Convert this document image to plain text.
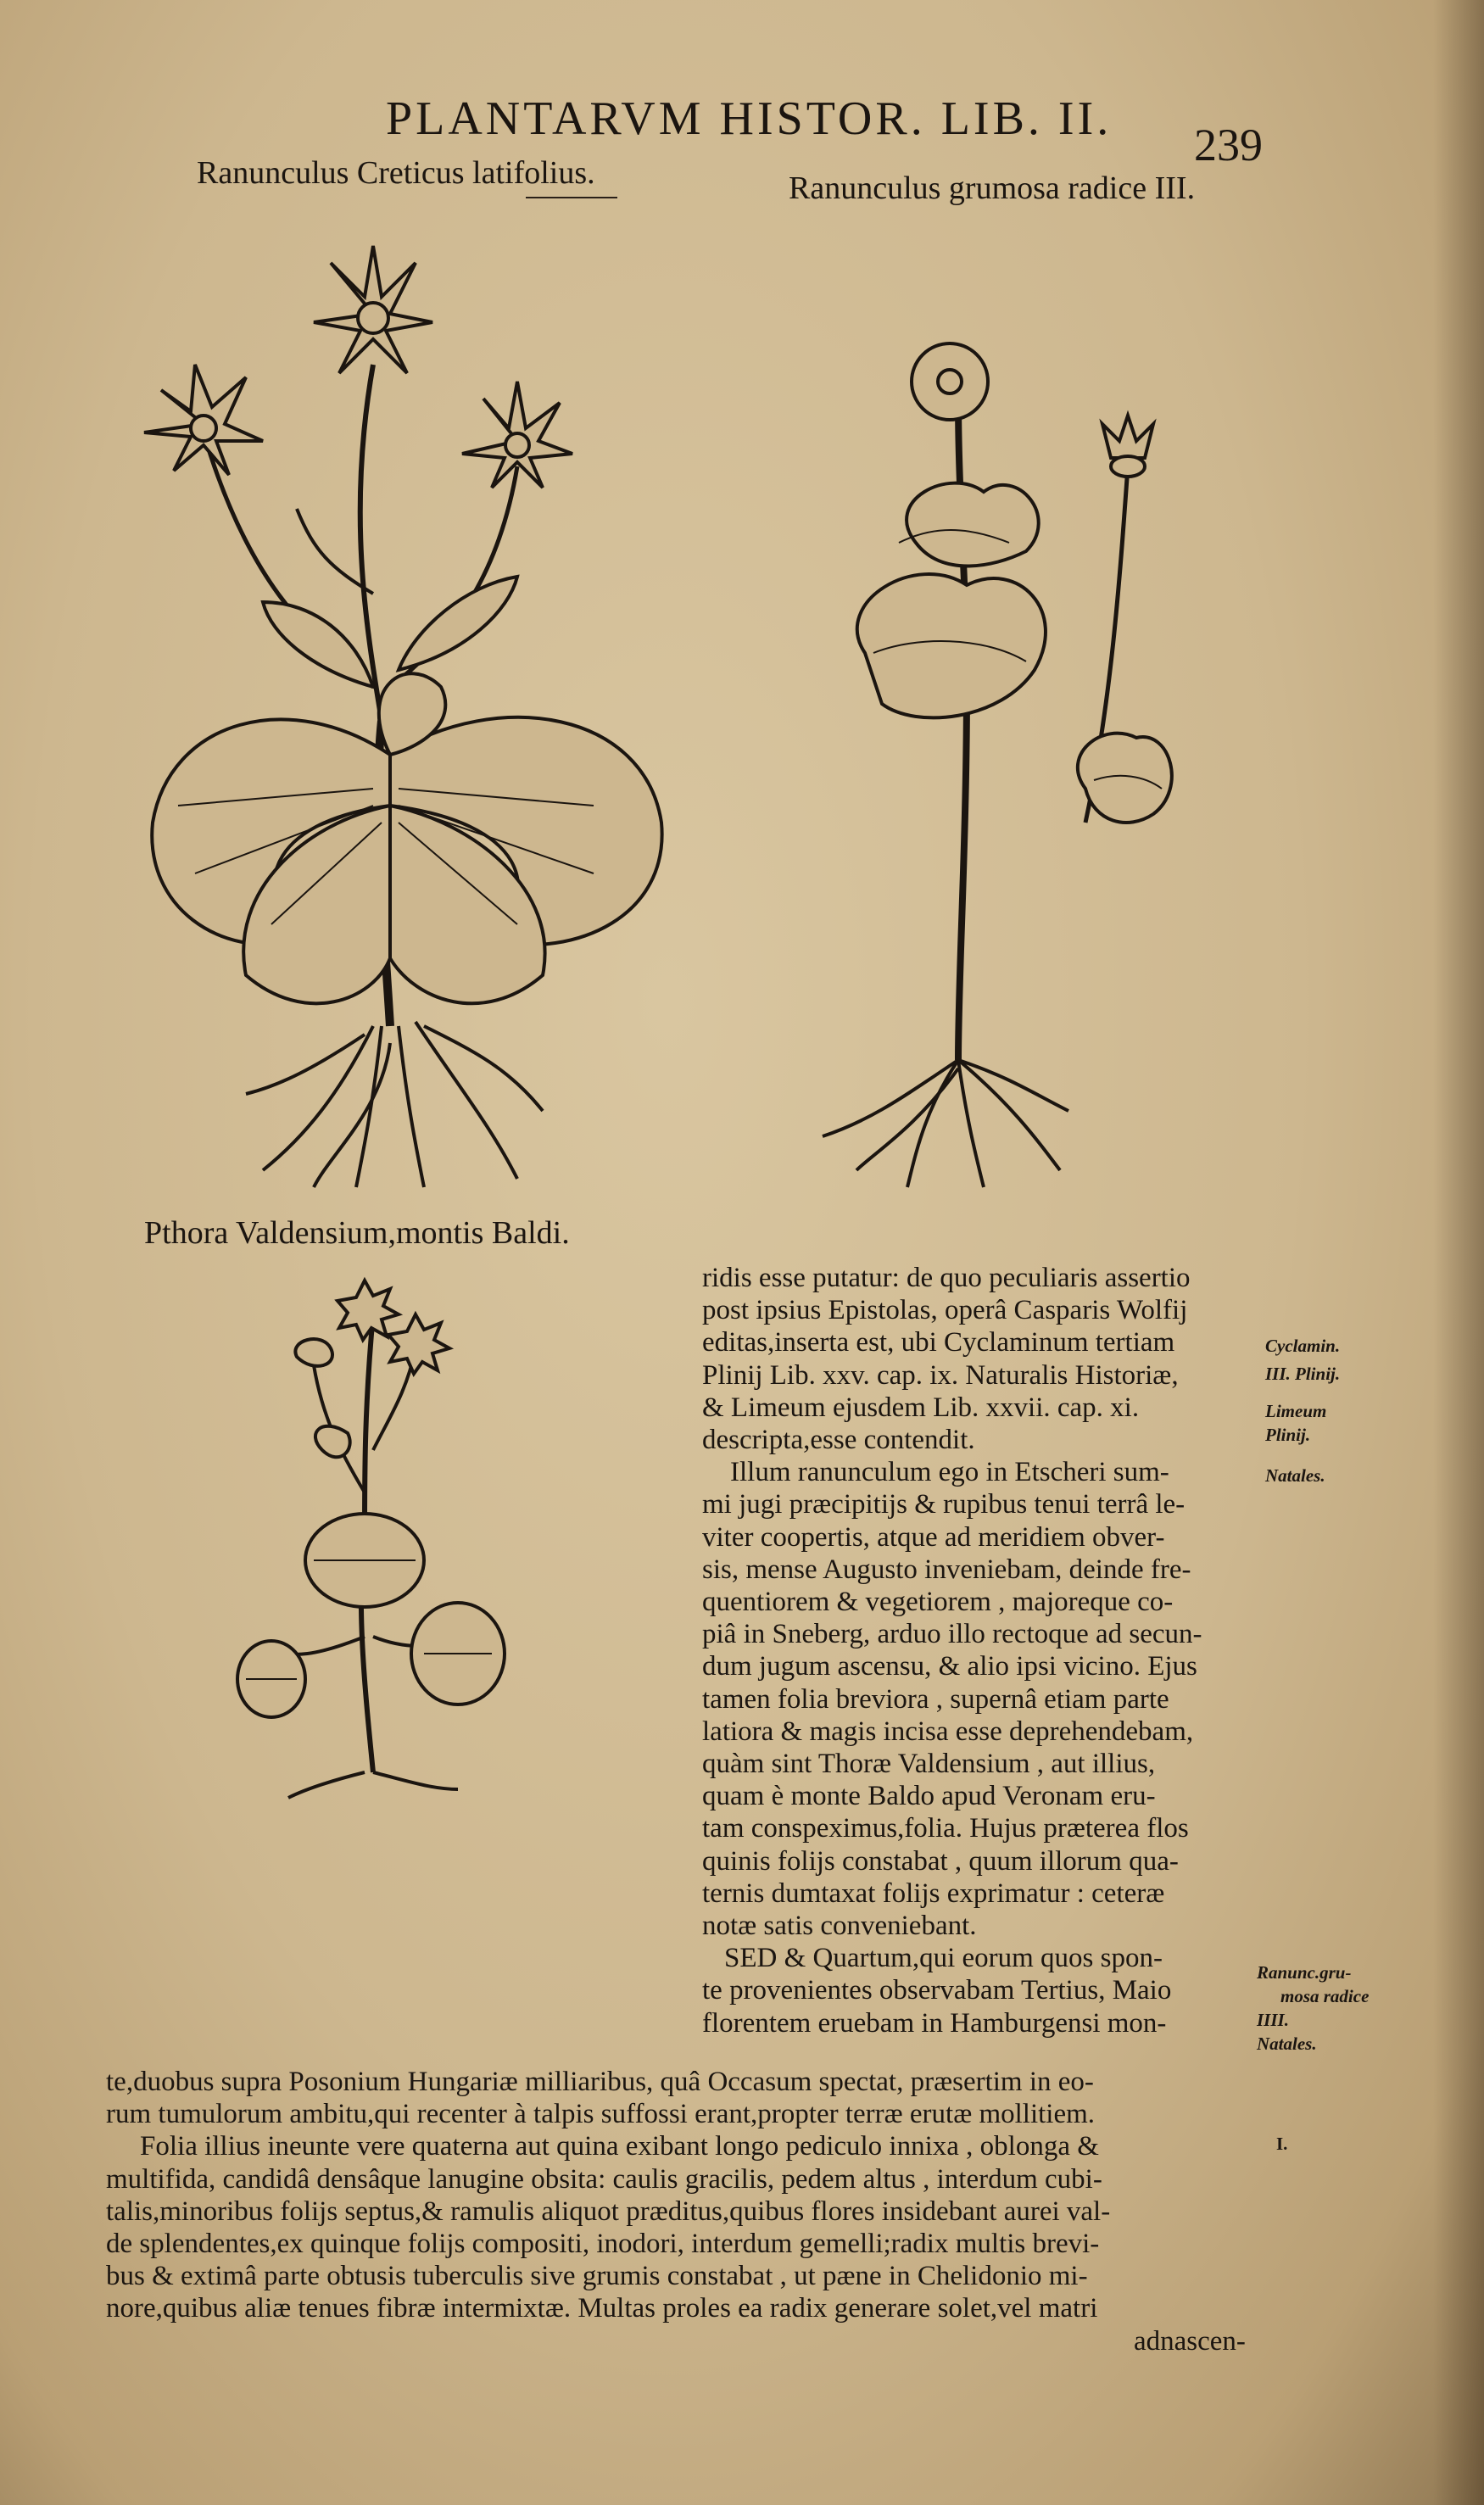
PLANTARVM HISTOR. LIB. II. 239
Ranunculus Creticus latifolius.	Ranunculus grumosa radice III.
Pthora Valdensium,montis Baldi.
ridis esse putatur: de quo peculiaris assertio
post ipsius Epistolas, operâ Casparis Wolfij
editas,inserta est, ubi Cyclaminum tertiam
Plinij Lib. xxv. cap. ix. Naturalis Historiæ,
& Limeum ejusdem Lib. xxvii. cap. xi.
descripta,esse contendit.
Illum ranunculum ego in Etscheri sum-
mi jugi præcipitijs & rupibus tenui terrâ le-
viter coopertis, atque ad meridiem obver-
sis, mense Augusto inveniebam, deinde fre-
quentiorem & vegetiorem , majoreque co-
piâ in Sneberg, arduo illo rectoque ad secun-
dum jugum ascensu, & alio ipsi vicino. Ejus
tamen folia breviora , supernâ etiam parte
latiora & magis incisa esse deprehendebam,
quàm sint Thoræ Valdensium , aut illius,
quam è monte Baldo apud Veronam eru-
tam conspeximus,folia. Hujus præterea flos
quinis folijs constabat , quum illorum qua-
ternis dumtaxat folijs exprimatur : ceteræ
notæ satis conveniebant.
SED & Quartum,qui eorum quos spon-
te provenientes observabam Tertius, Maio
florentem eruebam in Hamburgensi mon-
te,duobus supra Posonium Hungariæ milliaribus, quâ Occasum spectat, præsertim in eo-
rum tumulorum ambitu,qui recenter à talpis suffossi erant,propter terræ erutæ mollitiem.
Folia illius ineunte vere quaterna aut quina exibant longo pediculo innixa , oblonga &
multifida, candidâ densâque lanugine obsita: caulis gracilis, pedem altus , interdum cubi-
talis,minoribus folijs septus,& ramulis aliquot præditus,quibus flores insidebant aurei val-
de splendentes,ex quinque folijs compositi, inodori, interdum gemelli;radix multis brevi-
bus & extimâ parte obtusis tuberculis sive grumis constabat , ut pæne in Chelidonio mi-
nore,quibus aliæ tenues fibræ intermixtæ. Multas proles ea radix generare solet,vel matri
adnascen-
Cyclamin.
III. Plinij.
Limeum
Plinij.
Natales.
Ranunc.gru-
mosa radice
IIII.
Natales.
I.
